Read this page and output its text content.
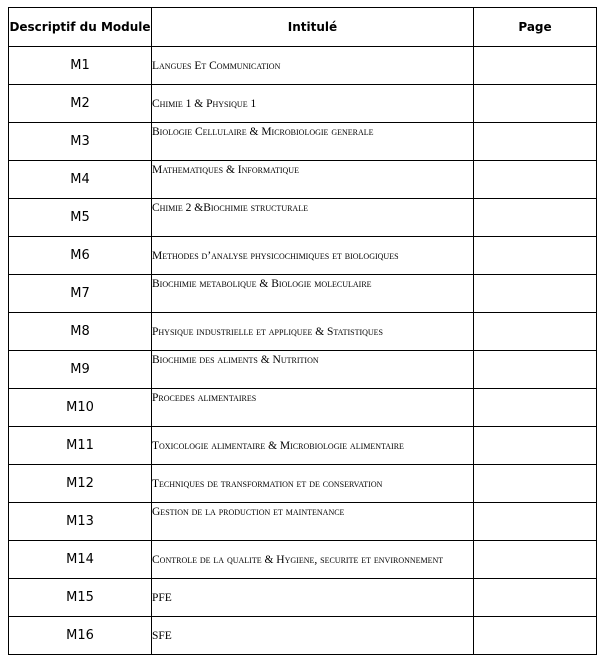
Descriptif du Module	Intitulé	Page
M1	Langues Et Communication	
M2	Chimie 1 & Physique 1	
M3	Biologie Cellulaire & Microbiologie generale	
M4	Mathematiques & Informatique	
M5	Chimie 2 &Biochimie structurale	
M6	Methodes d’analyse physicochimiques et biologiques	
M7	Biochimie metabolique & Biologie moleculaire	
M8	Physique industrielle et appliquee & Statistiques	
M9	Biochimie des aliments & Nutrition	
M10	Procedes alimentaires	
M11	Toxicologie alimentaire & Microbiologie alimentaire	
M12	Techniques de transformation et de conservation	
M13	Gestion de la production et maintenance	
M14	Controle de la qualite & Hygiene, securite et environnement	
M15	PFE	
M16	SFE	
